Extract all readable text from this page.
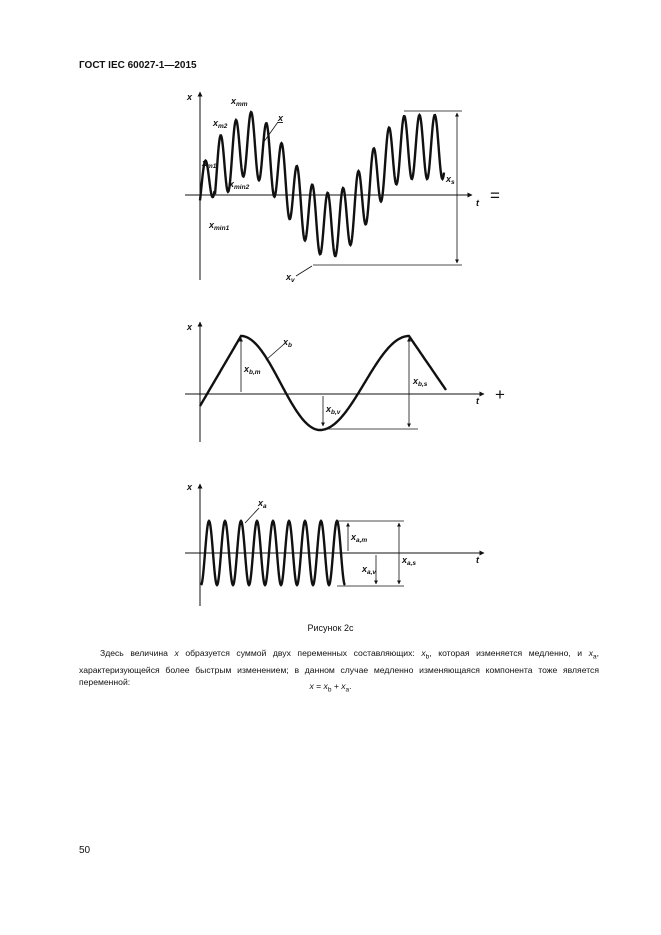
ГОСТ IEC 60027-1—2015
x
t
$x_{mm}$
$x_{m2}$
$x_{m1}$
$x_{min2}$
$x_{min1}$
x
$x_v$
$x_s$
=
x
t
$x_b$
$x_{b,m}$
$x_{b,v}$
$x_{b,s}$
+
x
t
$x_a$
$x_{a,m}$
$x_{a,v}$
$x_{a,s}$
Рисунок 2с
Здесь величина x образуется суммой двух переменных составляющих: $x_b$, которая изменяется медленно, и $x_a$, характеризующейся более быстрым изменением; в данном случае медленно изменяющаяся компонента тоже является переменной:	$x = x_b + x_a$.
50
